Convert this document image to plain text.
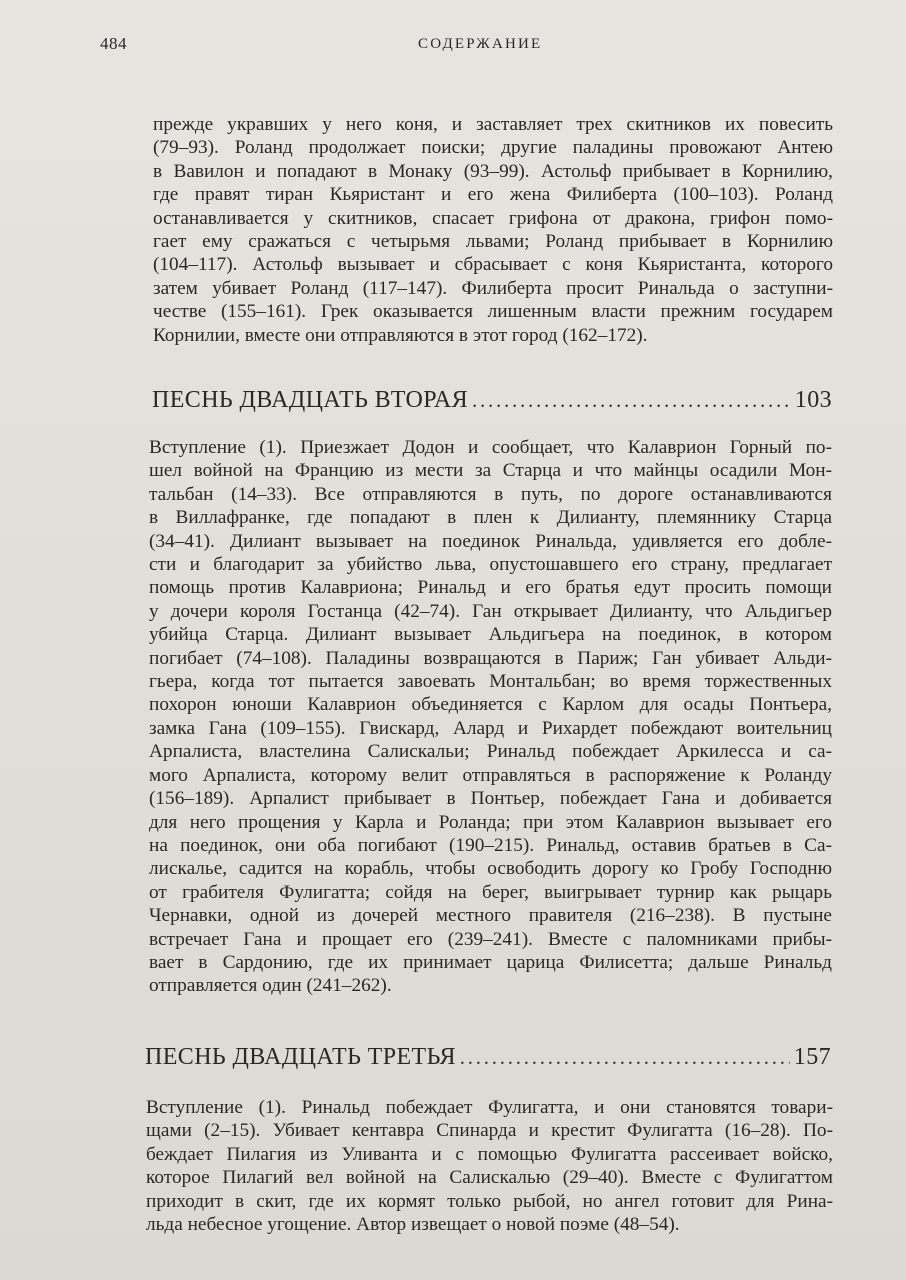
484	СОДЕРЖАНИЕ
прежде укравших у него коня, и заставляет трех скитников их повесить
(79–93). Роланд продолжает поиски; другие паладины провожают Антею
в Вавилон и попадают в Монаку (93–99). Астольф прибывает в Корнилию,
где правят тиран Кьяристант и его жена Филиберта (100–103). Роланд
останавливается у скитников, спасает грифона от дракона, грифон помо-
гает ему сражаться с четырьмя львами; Роланд прибывает в Корнилию
(104–117). Астольф вызывает и сбрасывает с коня Кьяристанта, которого
затем убивает Роланд (117–147). Филиберта просит Ринальда о заступни-
честве (155–161). Грек оказывается лишенным власти прежним государем
Корнилии, вместе они отправляются в этот город (162–172).
ПЕСНЬ ДВАДЦАТЬ ВТОРАЯ .....	103
Вступление (1). Приезжает Додон и сообщает, что Калаврион Горный по-
шел войной на Францию из мести за Старца и что майнцы осадили Мон-
тальбан (14–33). Все отправляются в путь, по дороге останавливаются
в Виллафранке, где попадают в плен к Дилианту, племяннику Старца
(34–41). Дилиант вызывает на поединок Ринальда, удивляется его добле-
сти и благодарит за убийство льва, опустошавшего его страну, предлагает
помощь против Калавриона; Ринальд и его братья едут просить помощи
у дочери короля Гостанца (42–74). Ган открывает Дилианту, что Альдигьер
убийца Старца. Дилиант вызывает Альдигьера на поединок, в котором
погибает (74–108). Паладины возвращаются в Париж; Ган убивает Альди-
гьера, когда тот пытается завоевать Монтальбан; во время торжественных
похорон юноши Калаврион объединяется с Карлом для осады Понтьера,
замка Гана (109–155). Гвискард, Алард и Рихардет побеждают воительниц
Арпалиста, властелина Салискальи; Ринальд побеждает Аркилесса и са-
мого Арпалиста, которому велит отправляться в распоряжение к Роланду
(156–189). Арпалист прибывает в Понтьер, побеждает Гана и добивается
для него прощения у Карла и Роланда; при этом Калаврион вызывает его
на поединок, они оба погибают (190–215). Ринальд, оставив братьев в Са-
лискалье, садится на корабль, чтобы освободить дорогу ко Гробу Господню
от грабителя Фулигатта; сойдя на берег, выигрывает турнир как рыцарь
Чернавки, одной из дочерей местного правителя (216–238). В пустыне
встречает Гана и прощает его (239–241). Вместе с паломниками прибы-
вает в Сардонию, где их принимает царица Филисетта; дальше Ринальд
отправляется один (241–262).
ПЕСНЬ ДВАДЦАТЬ ТРЕТЬЯ .....	157
Вступление (1). Ринальд побеждает Фулигатта, и они становятся товари-
щами (2–15). Убивает кентавра Спинарда и крестит Фулигатта (16–28). По-
беждает Пилагия из Уливанта и с помощью Фулигатта рассеивает войско,
которое Пилагий вел войной на Салискалью (29–40). Вместе с Фулигаттом
приходит в скит, где их кормят только рыбой, но ангел готовит для Рина-
льда небесное угощение. Автор извещает о новой поэме (48–54).
